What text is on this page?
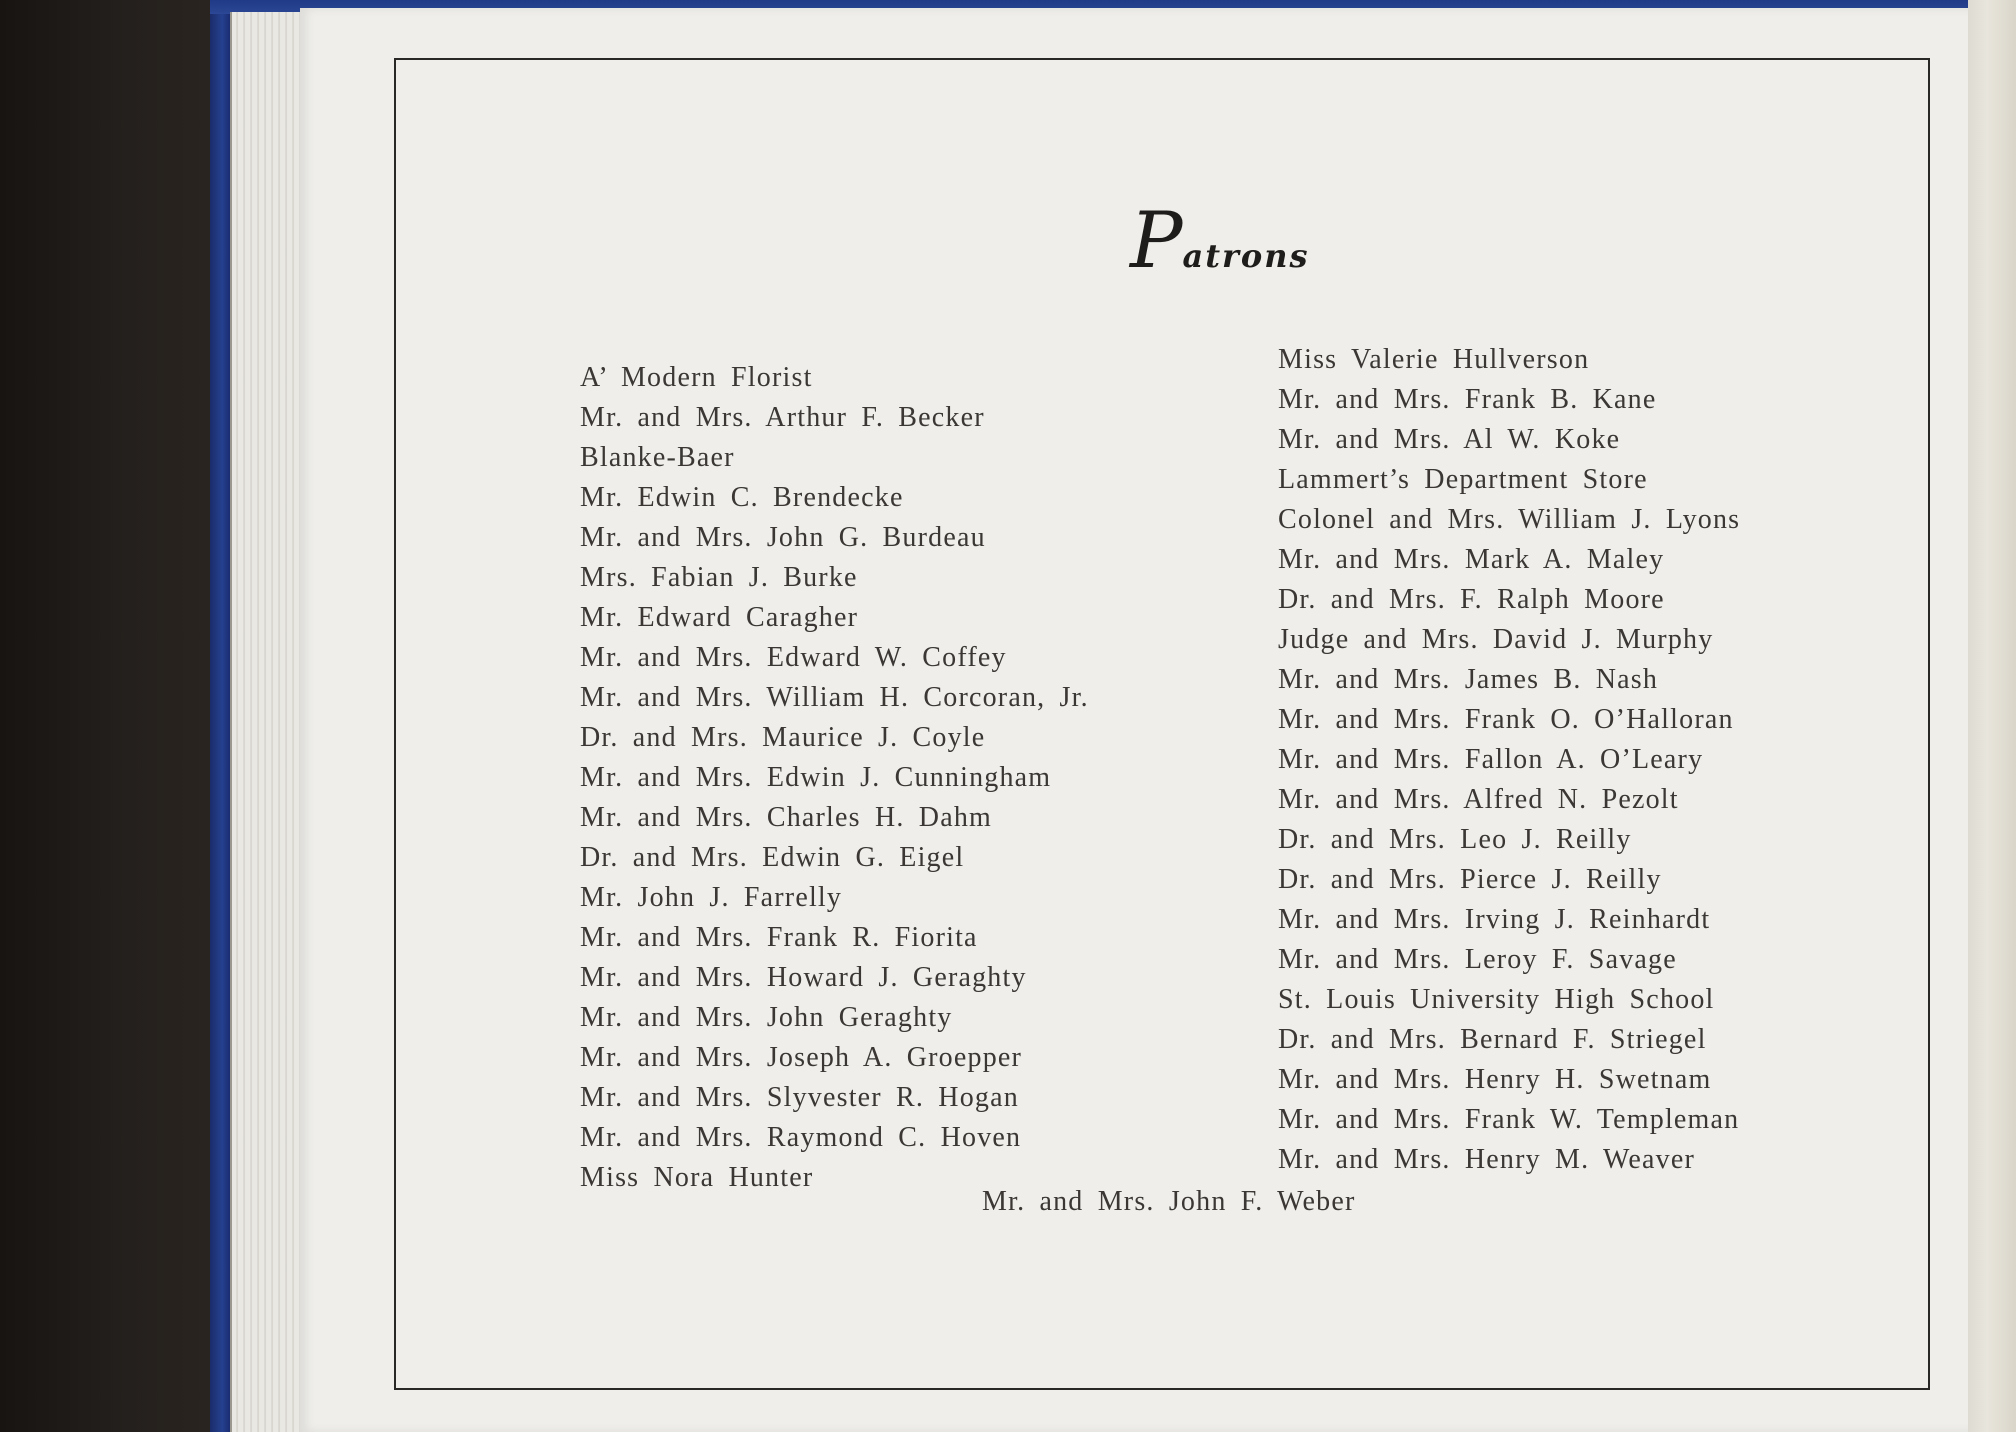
Patrons
A’ Modern Florist
Mr. and Mrs. Arthur F. Becker
Blanke-Baer
Mr. Edwin C. Brendecke
Mr. and Mrs. John G. Burdeau
Mrs. Fabian J. Burke
Mr. Edward Caragher
Mr. and Mrs. Edward W. Coffey
Mr. and Mrs. William H. Corcoran, Jr.
Dr. and Mrs. Maurice J. Coyle
Mr. and Mrs. Edwin J. Cunningham
Mr. and Mrs. Charles H. Dahm
Dr. and Mrs. Edwin G. Eigel
Mr. John J. Farrelly
Mr. and Mrs. Frank R. Fiorita
Mr. and Mrs. Howard J. Geraghty
Mr. and Mrs. John Geraghty
Mr. and Mrs. Joseph A. Groepper
Mr. and Mrs. Slyvester R. Hogan
Mr. and Mrs. Raymond C. Hoven
Miss Nora Hunter
Miss Valerie Hullverson
Mr. and Mrs. Frank B. Kane
Mr. and Mrs. Al W. Koke
Lammert’s Department Store
Colonel and Mrs. William J. Lyons
Mr. and Mrs. Mark A. Maley
Dr. and Mrs. F. Ralph Moore
Judge and Mrs. David J. Murphy
Mr. and Mrs. James B. Nash
Mr. and Mrs. Frank O. O’Halloran
Mr. and Mrs. Fallon A. O’Leary
Mr. and Mrs. Alfred N. Pezolt
Dr. and Mrs. Leo J. Reilly
Dr. and Mrs. Pierce J. Reilly
Mr. and Mrs. Irving J. Reinhardt
Mr. and Mrs. Leroy F. Savage
St. Louis University High School
Dr. and Mrs. Bernard F. Striegel
Mr. and Mrs. Henry H. Swetnam
Mr. and Mrs. Frank W. Templeman
Mr. and Mrs. Henry M. Weaver
Mr. and Mrs. John F. Weber
